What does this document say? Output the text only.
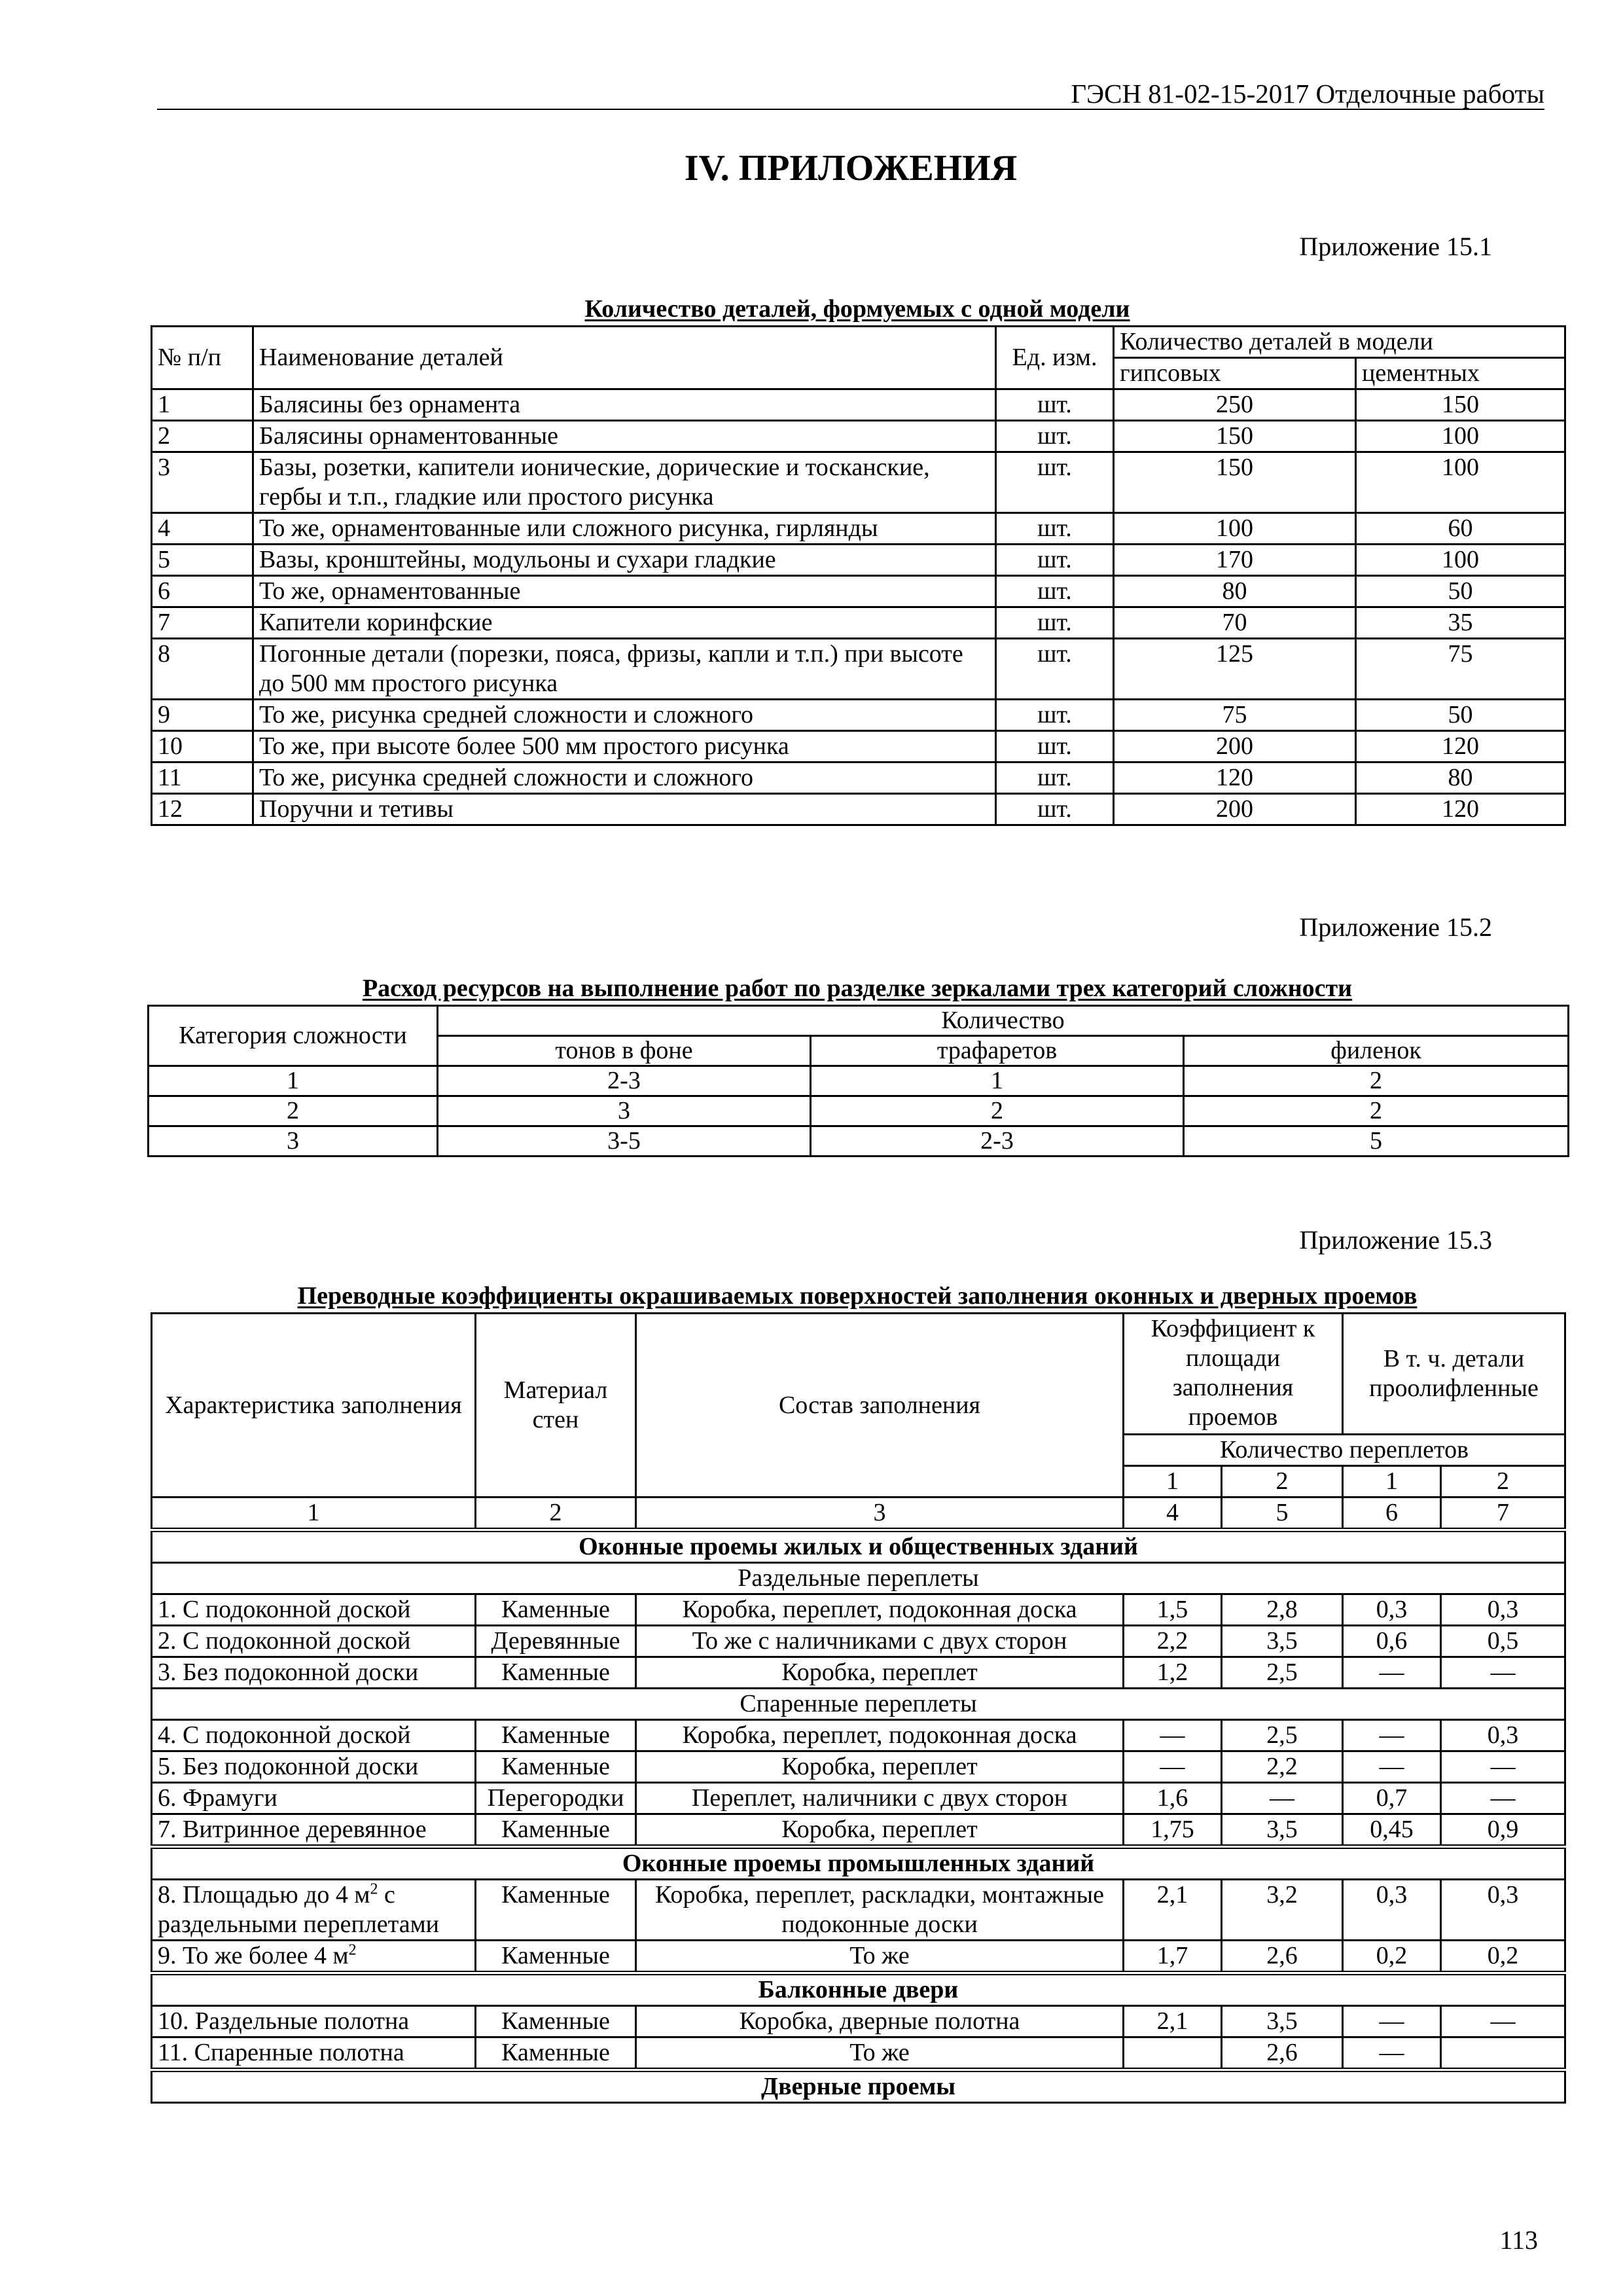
ГЭСН 81-02-15-2017 Отделочные работы
IV. ПРИЛОЖЕНИЯ
Приложение 15.1
Количество деталей, формуемых с одной модели
№ п/п	Наименование деталей	Ед. изм.	Количество деталей в модели	
			гипсовых	цементных
1	Балясины без орнамента	шт.	250	150
2	Балясины орнаментованные	шт.	150	100
3	Базы, розетки, капители ионические, дорические и тосканские, гербы и т.п., гладкие или простого рисунка	шт.	150	100
4	То же, орнаментованные или сложного рисунка, гирлянды	шт.	100	60
5	Вазы, кронштейны, модульоны и сухари гладкие	шт.	170	100
6	То же, орнаментованные	шт.	80	50
7	Капители коринфские	шт.	70	35
8	Погонные детали (порезки, пояса, фризы, капли и т.п.) при высоте до 500 мм простого рисунка	шт.	125	75
9	То же, рисунка средней сложности и сложного	шт.	75	50
10	То же, при высоте более 500 мм простого рисунка	шт.	200	120
11	То же, рисунка средней сложности и сложного	шт.	120	80
12	Поручни и тетивы	шт.	200	120
Приложение 15.2
Расход ресурсов на выполнение работ по разделке зеркалами трех категорий сложности
Категория сложности	Количество		
	тонов в фоне	трафаретов	филенок
1	2-3	1	2
2	3	2	2
3	3-5	2-3	5
Приложение 15.3
Переводные коэффициенты окрашиваемых поверхностей заполнения оконных и дверных проемов
Характеристика заполнения	Материал стен	Состав заполнения	Коэффициент к площади заполнения проемов		В т. ч. детали проолифленные	
			Количество переплетов			
			1	2	1	2
1	2	3	4	5	6	7
Оконные проемы жилых и общественных зданий						
Раздельные переплеты						
1. С подоконной доской	Каменные	Коробка, переплет, подоконная доска	1,5	2,8	0,3	0,3
2. С подоконной доской	Деревянные	То же с наличниками с двух сторон	2,2	3,5	0,6	0,5
3. Без подоконной доски	Каменные	Коробка, переплет	1,2	2,5	—	—
Спаренные переплеты						
4. С подоконной доской	Каменные	Коробка, переплет, подоконная доска	—	2,5	—	0,3
5. Без подоконной доски	Каменные	Коробка, переплет	—	2,2	—	—
6. Фрамуги	Перегородки	Переплет, наличники с двух сторон	1,6	—	0,7	—
7. Витринное деревянное	Каменные	Коробка, переплет	1,75	3,5	0,45	0,9
Оконные проемы промышленных зданий						
8. Площадью до 4 $м^2$ с раздельными переплетами	Каменные	Коробка, переплет, раскладки, монтажные подоконные доски	2,1	3,2	0,3	0,3
9. То же более 4 $м^2$	Каменные	То же	1,7	2,6	0,2	0,2
Балконные двери						
10. Раздельные полотна	Каменные	Коробка, дверные полотна	2,1	3,5	—	—
11. Спаренные полотна	Каменные	То же		2,6	—	
Дверные проемы						
113
